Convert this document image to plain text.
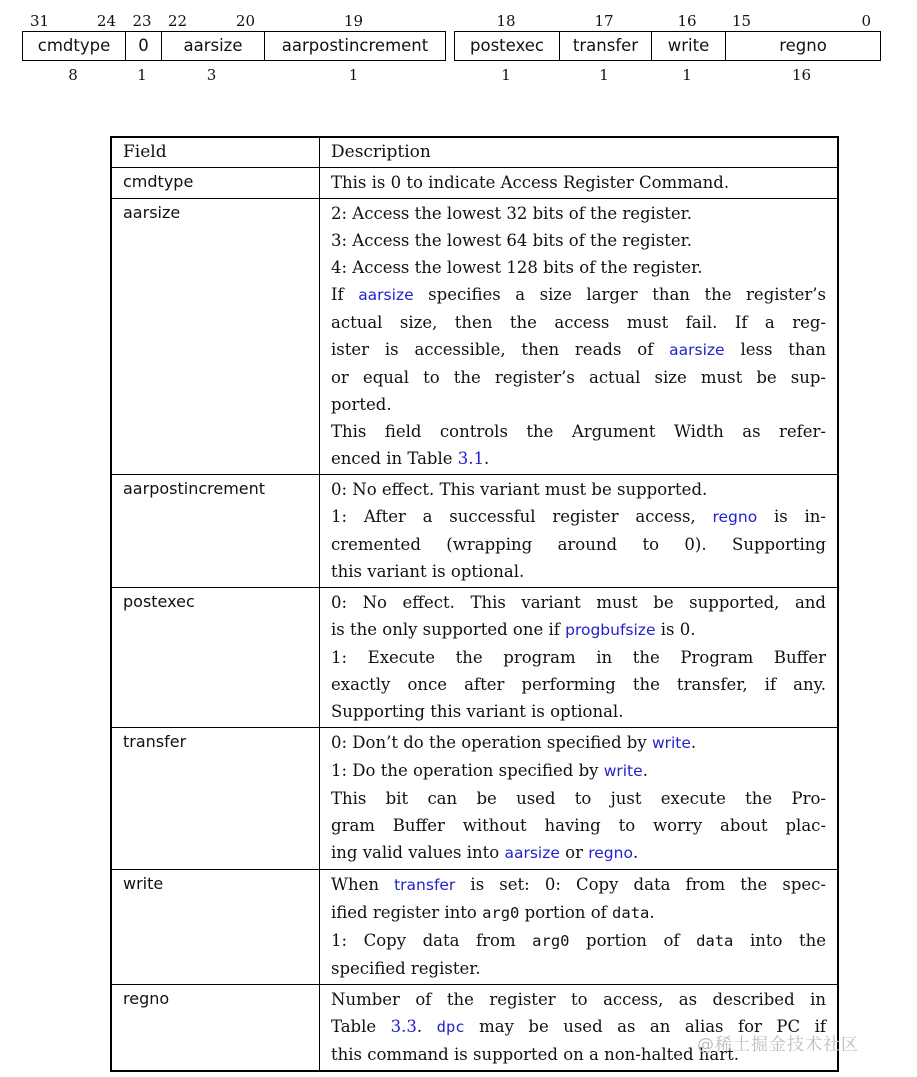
31	24 23 22	20	19
cmdtype	0	aarsize	aarpostincrement
8	1	3	1
18	17	16 15	0
postexec	transfer	write	regno
1	1	1	16
Field	Description
cmdtype	This is 0 to indicate Access Register Command.

aarsize	2: Access the lowest 32 bits of the register.
3: Access the lowest 64 bits of the register.
4: Access the lowest 128 bits of the register.
If aarsize specifies a size larger than the register’s
actual size, then the access must fail. If a reg-
ister is accessible, then reads of aarsize less than
or equal to the register’s actual size must be sup-
ported.
This field controls the Argument Width as refer-
enced in Table 3.1.

aarpostincrement	0: No effect. This variant must be supported.
1: After a successful register access, regno is in-
cremented (wrapping around to 0). Supporting
this variant is optional.

postexec	0: No effect. This variant must be supported, and
is the only supported one if progbufsize is 0.
1: Execute the program in the Program Buffer
exactly once after performing the transfer, if any.
Supporting this variant is optional.

transfer	0: Don’t do the operation specified by write.
1: Do the operation specified by write.
This bit can be used to just execute the Pro-
gram Buffer without having to worry about plac-
ing valid values into aarsize or regno.

write	When transfer is set: 0: Copy data from the spec-
ified register into arg0 portion of data.
1: Copy data from arg0 portion of data into the
specified register.

regno	Number of the register to access, as described in
Table 3.3. dpc may be used as an alias for PC if
this command is supported on a non-halted hart.
@稀土掘金技术社区
